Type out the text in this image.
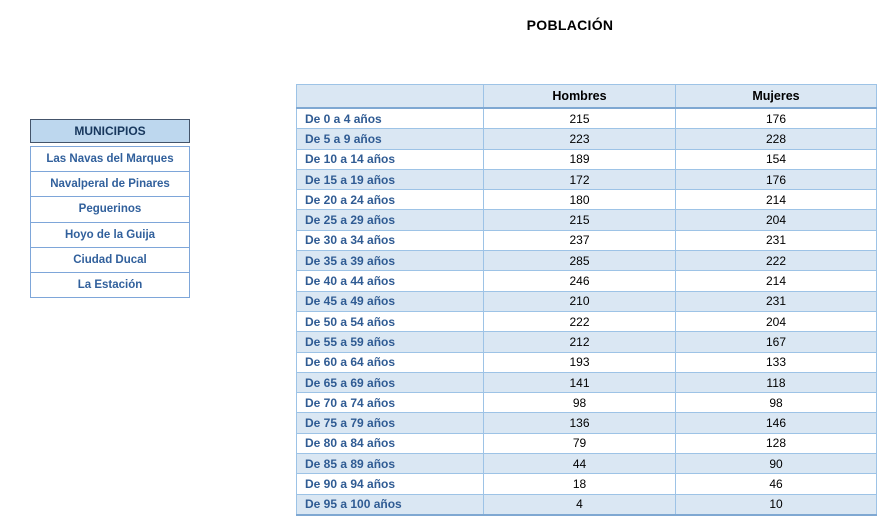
POBLACIÓN
MUNICIPIOS
Las Navas del Marques
Navalperal de Pinares
Peguerinos
Hoyo de la Guija
Ciudad Ducal
La Estación
	Hombres	Mujeres
De 0 a 4 años	215	176
De 5 a 9 años	223	228
De 10 a 14 años	189	154
De 15 a 19 años	172	176
De 20 a 24 años	180	214
De 25 a 29 años	215	204
De 30 a 34 años	237	231
De 35 a 39 años	285	222
De 40 a 44 años	246	214
De 45 a 49 años	210	231
De 50 a 54 años	222	204
De 55 a 59 años	212	167
De 60 a 64 años	193	133
De 65 a 69 años	141	118
De 70 a 74 años	98	98
De 75 a 79 años	136	146
De 80 a 84 años	79	128
De 85 a 89 años	44	90
De 90 a 94 años	18	46
De 95 a 100 años	4	10
